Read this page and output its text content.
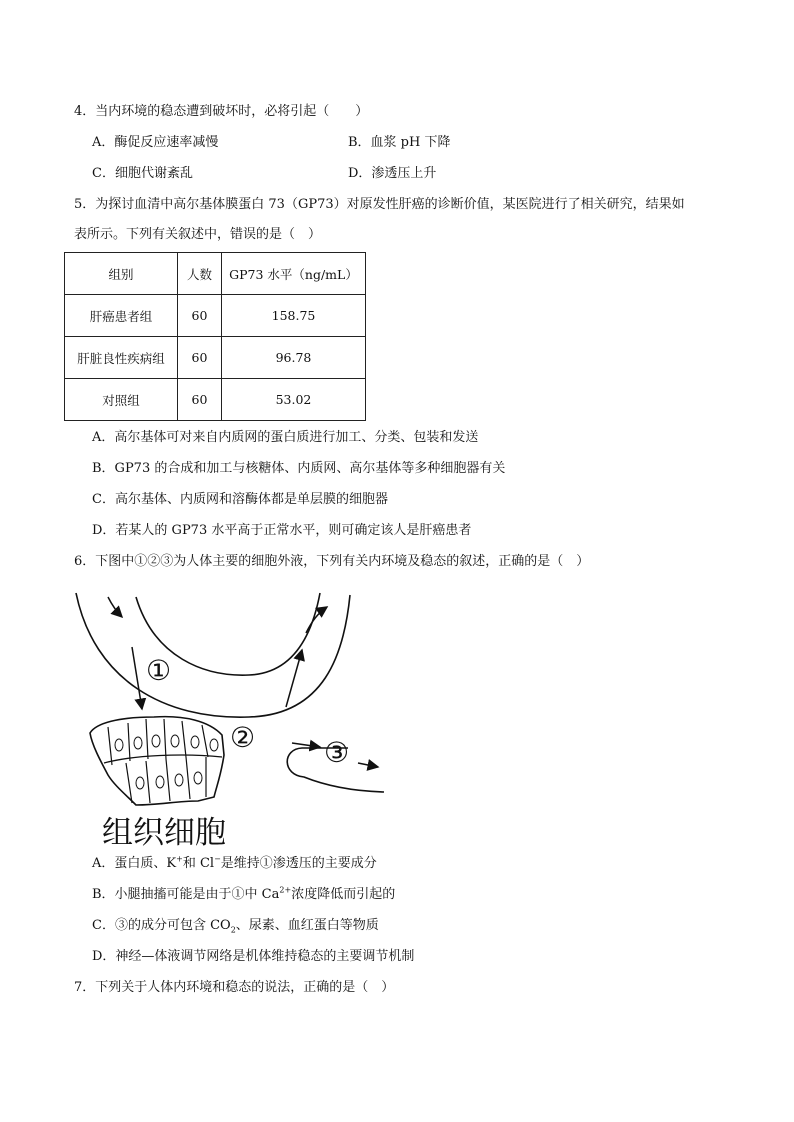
4．当内环境的稳态遭到破坏时，必将引起（　　）
A．酶促反应速率减慢	B．血浆 pH 下降
C．细胞代谢紊乱	D．渗透压上升
5．为探讨血清中高尔基体膜蛋白 73（GP73）对原发性肝癌的诊断价值，某医院进行了相关研究，结果如
表所示。下列有关叙述中，错误的是（　）
组别	人数	GP73 水平（ng/mL）
肝癌患者组	60	158.75
肝脏良性疾病组	60	96.78
对照组	60	53.02
A．高尔基体可对来自内质网的蛋白质进行加工、分类、包装和发送
B．GP73 的合成和加工与核糖体、内质网、高尔基体等多种细胞器有关
C．高尔基体、内质网和溶酶体都是单层膜的细胞器
D．若某人的 GP73 水平高于正常水平，则可确定该人是肝癌患者
6．下图中①②③为人体主要的细胞外液，下列有关内环境及稳态的叙述，正确的是（　）
①
② ③
组织细胞
A．蛋白质、K+和 Cl−是维持①渗透压的主要成分
B．小腿抽搐可能是由于①中 $Ca^{2+}$浓度降低而引起的
C．③的成分可包含 $CO_2$、尿素、血红蛋白等物质
D．神经—体液调节网络是机体维持稳态的主要调节机制
7．下列关于人体内环境和稳态的说法，正确的是（　）
